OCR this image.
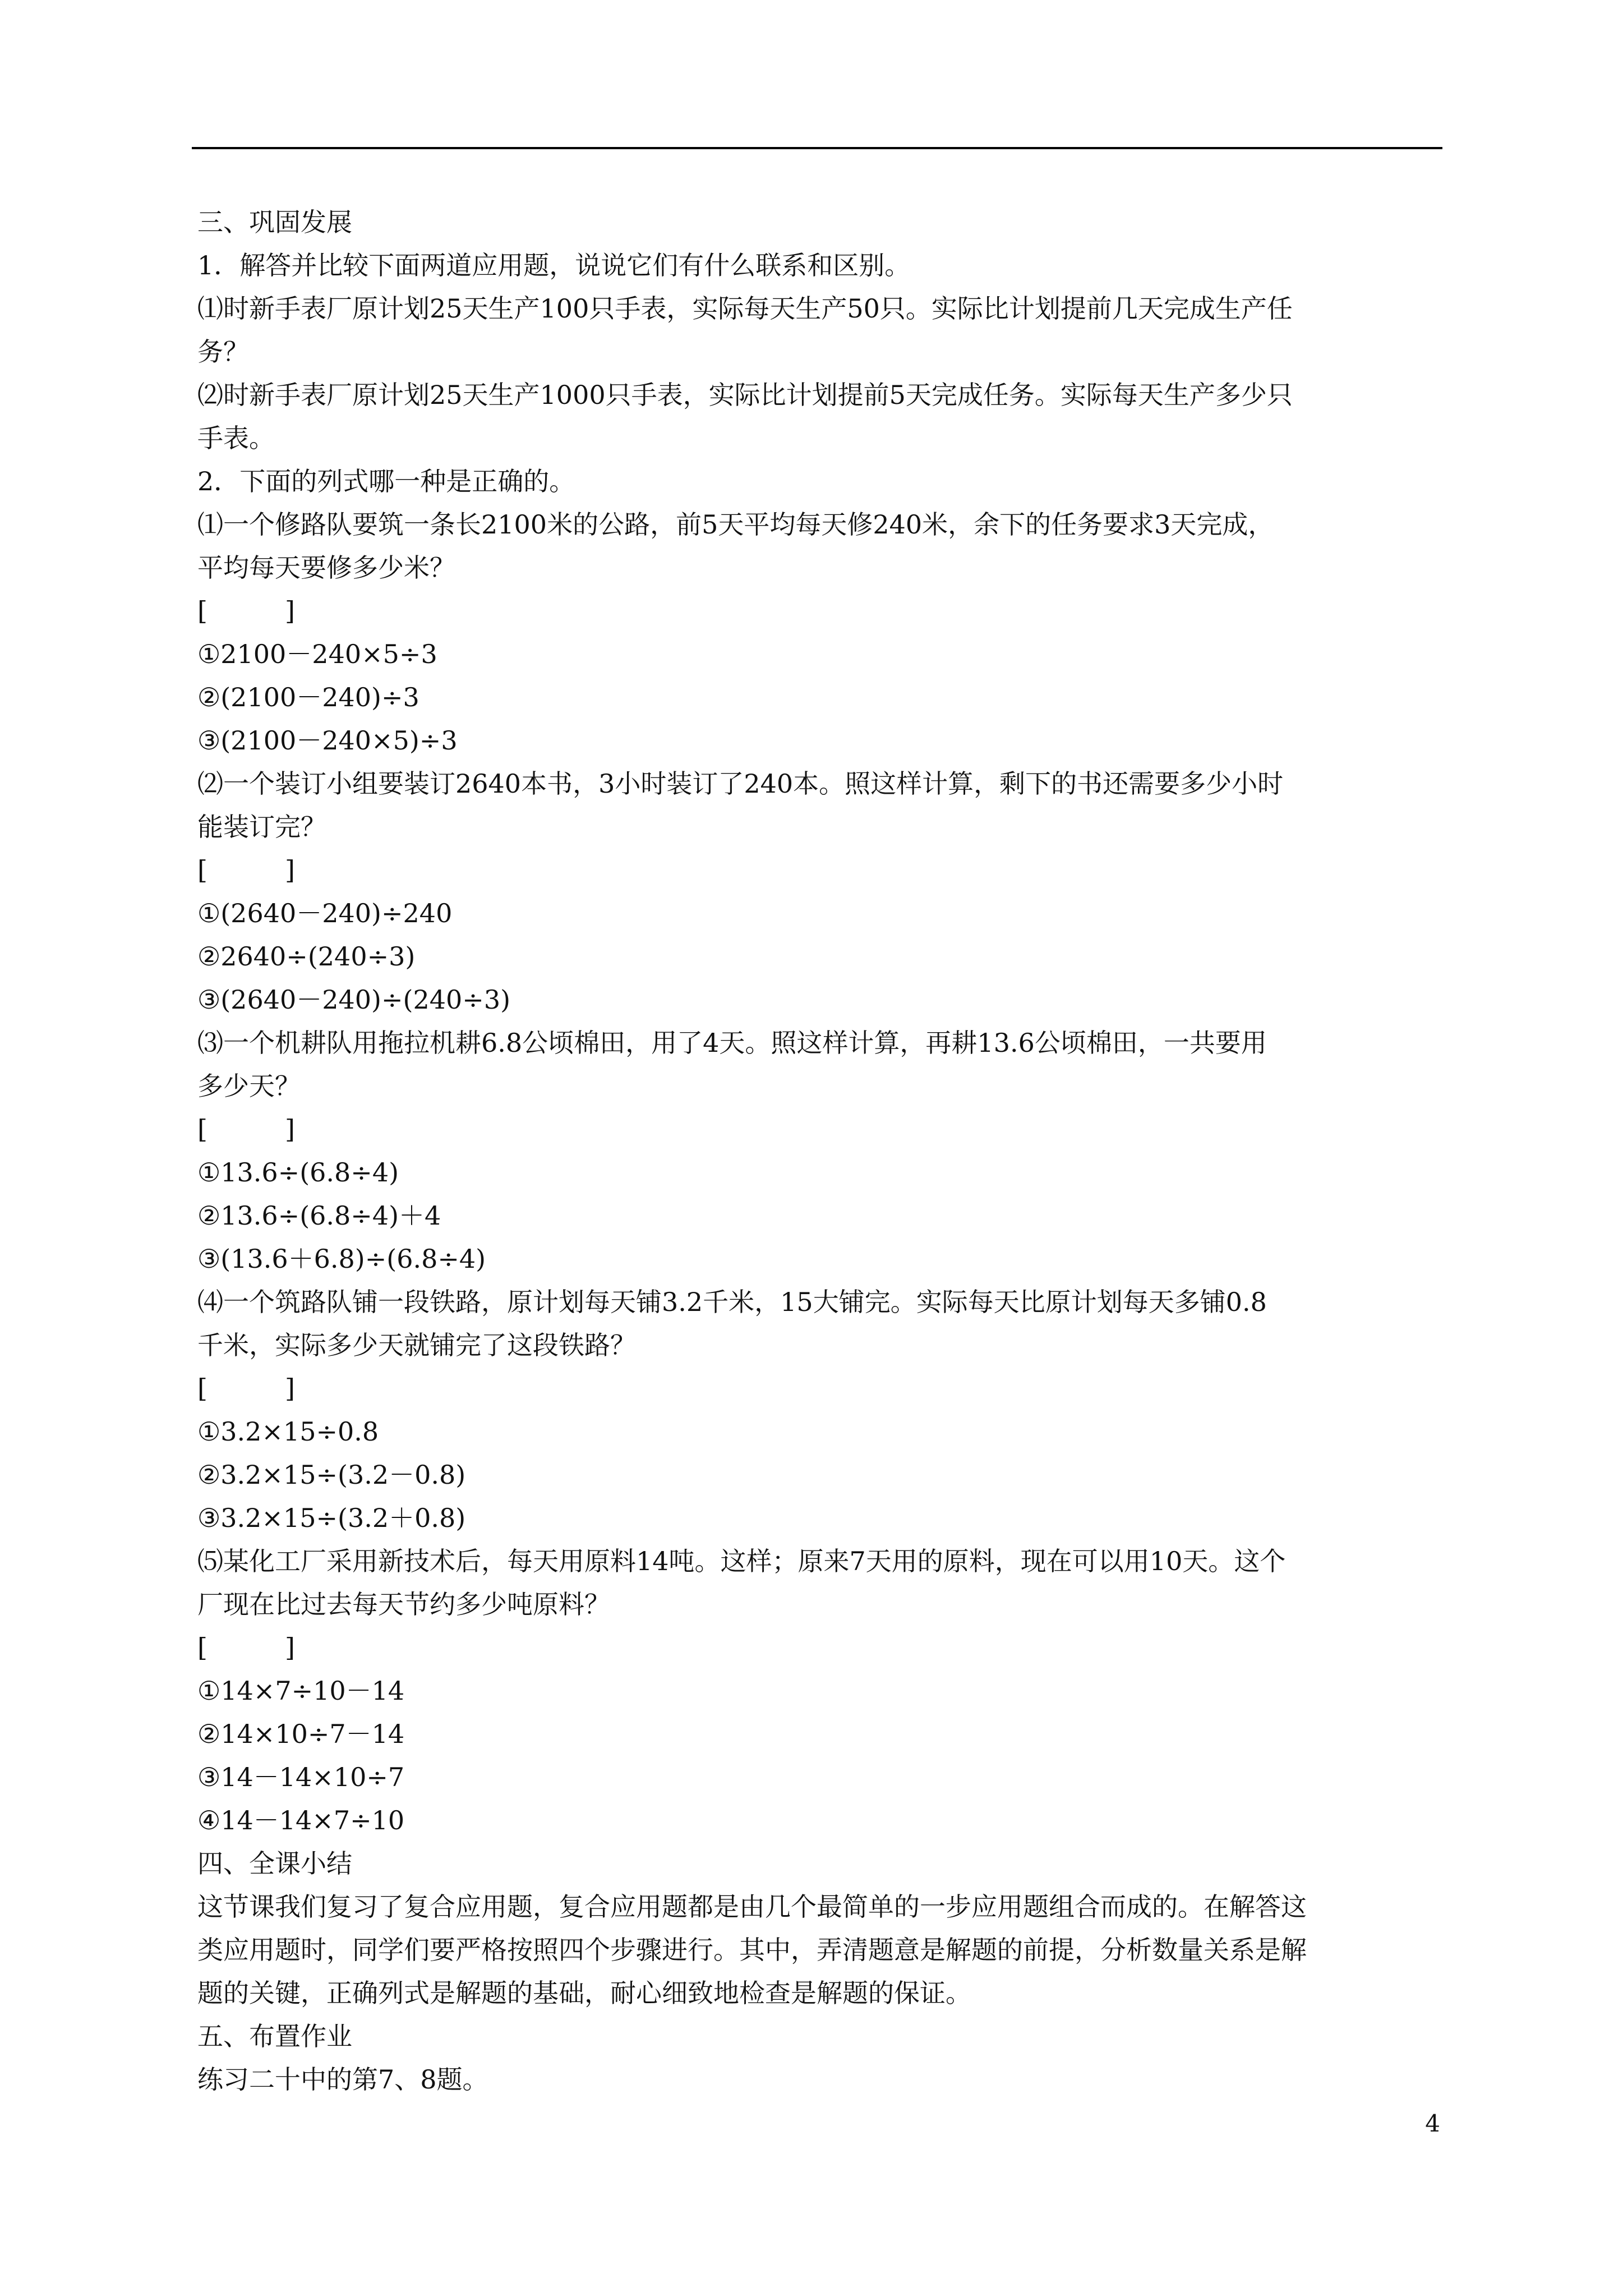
三、巩固发展

1．解答并比较下面两道应用题，说说它们有什么联系和区别。

⑴时新手表厂原计划25天生产100只手表，实际每天生产50只。实际比计划提前几天完成生产任

务？

⑵时新手表厂原计划25天生产1000只手表，实际比计划提前5天完成任务。实际每天生产多少只

手表。

2．下面的列式哪一种是正确的。

⑴一个修路队要筑一条长2100米的公路，前5天平均每天修240米，余下的任务要求3天完成，

平均每天要修多少米？

[　　　]

①2100－240×5÷3

②(2100－240)÷3

③(2100－240×5)÷3

⑵一个装订小组要装订2640本书，3小时装订了240本。照这样计算，剩下的书还需要多少小时

能装订完？

[　　　]

①(2640－240)÷240

②2640÷(240÷3)

③(2640－240)÷(240÷3)

⑶一个机耕队用拖拉机耕6.8公顷棉田，用了4天。照这样计算，再耕13.6公顷棉田，一共要用

多少天？

[　　　]

①13.6÷(6.8÷4)

②13.6÷(6.8÷4)＋4

③(13.6＋6.8)÷(6.8÷4)

⑷一个筑路队铺一段铁路，原计划每天铺3.2千米，15大铺完。实际每天比原计划每天多铺0.8

千米，实际多少天就铺完了这段铁路？

[　　　]

①3.2×15÷0.8

②3.2×15÷(3.2－0.8)

③3.2×15÷(3.2＋0.8)

⑸某化工厂采用新技术后，每天用原料14吨。这样；原来7天用的原料，现在可以用10天。这个

厂现在比过去每天节约多少吨原料？

[　　　]

①14×7÷10－14

②14×10÷7－14

③14－14×10÷7

④14－14×7÷10

四、全课小结

这节课我们复习了复合应用题，复合应用题都是由几个最简单的一步应用题组合而成的。在解答这

类应用题时，同学们要严格按照四个步骤进行。其中，弄清题意是解题的前提，分析数量关系是解

题的关键，正确列式是解题的基础，耐心细致地检查是解题的保证。

五、布置作业

练习二十中的第7、8题。

4
